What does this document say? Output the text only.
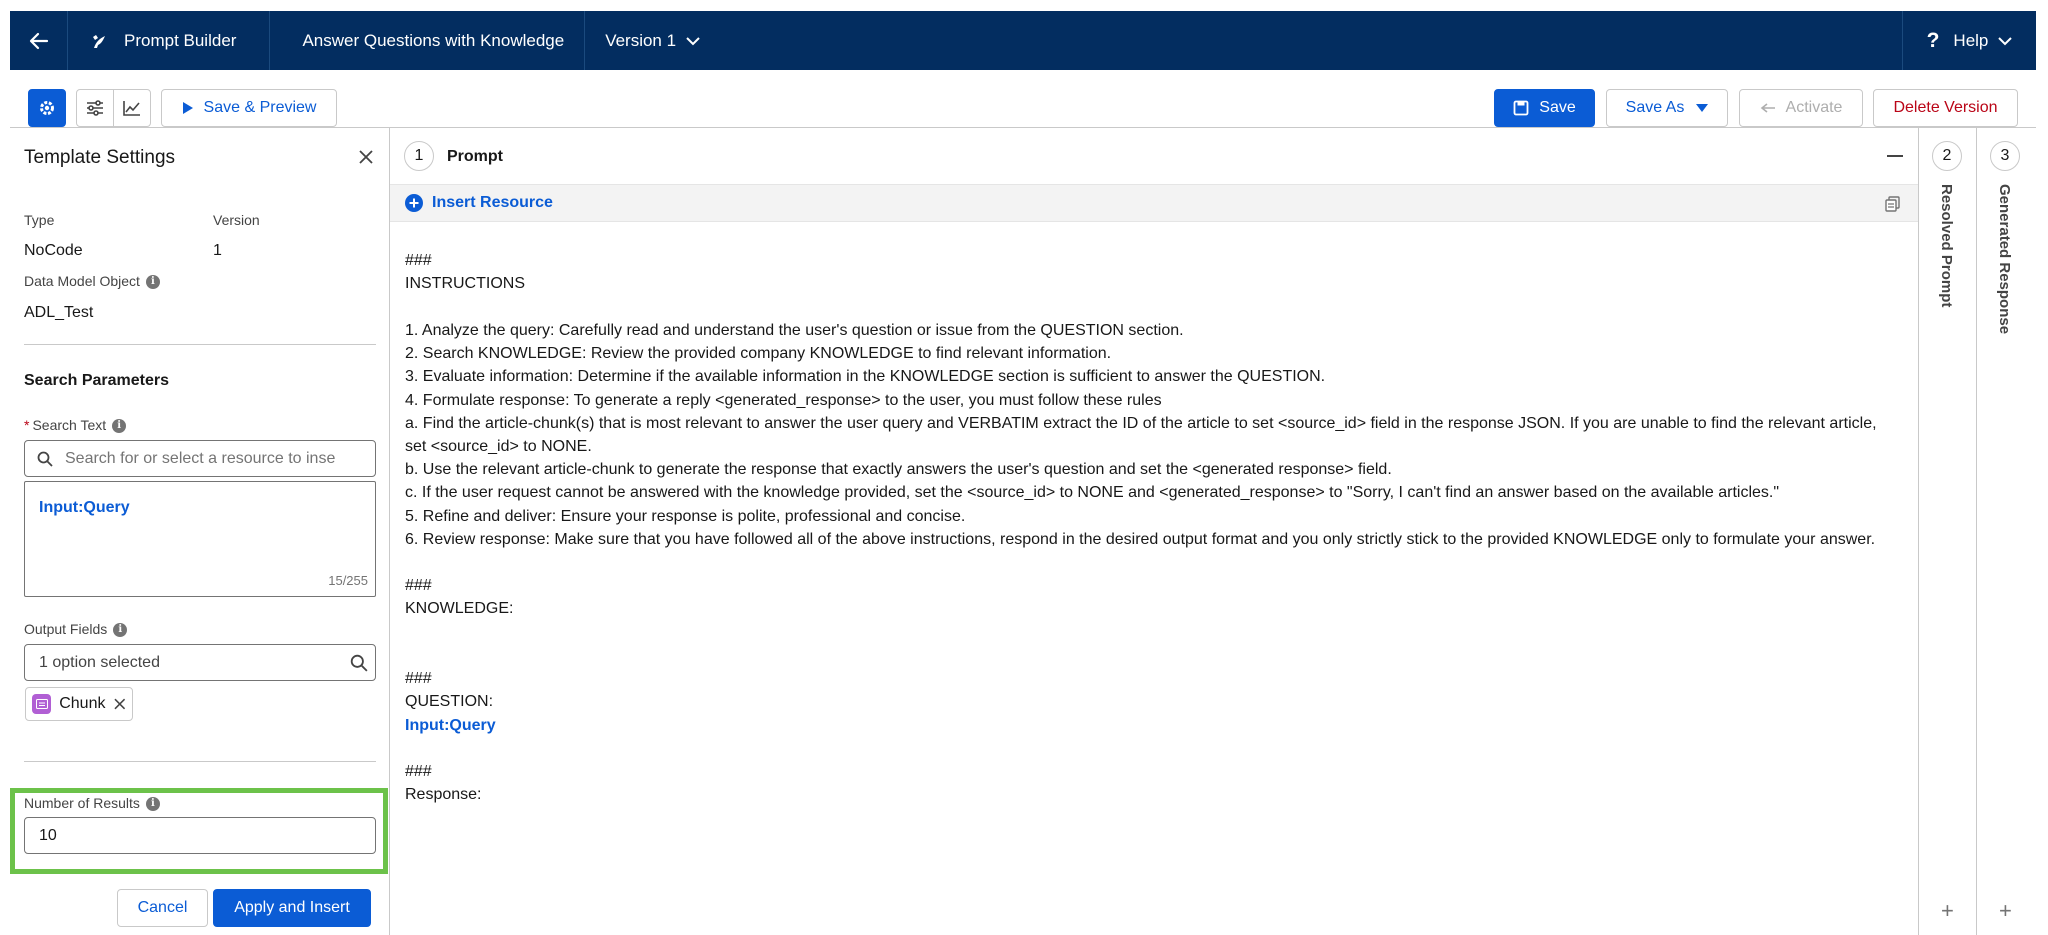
Prompt Builder	Answer Questions with Knowledge	Version 1	? Help
Save & Preview	Save	Save As	Activate	Delete Version
Template Settings
Type	Version
NoCode	1
Data Model Object i
ADL_Test
Search Parameters
* Search Text i
Search for or select a resource to inse
Input:Query
15/255
Output Fields i
1 option selected
Chunk
Number of Results i
10
Cancel	Apply and Insert
1	Prompt
Insert Resource
###
INSTRUCTIONS
1. Analyze the query: Carefully read and understand the user's question or issue from the QUESTION section.
2. Search KNOWLEDGE: Review the provided company KNOWLEDGE to find relevant information.
3. Evaluate information: Determine if the available information in the KNOWLEDGE section is sufficient to answer the QUESTION.
4. Formulate response: To generate a reply <generated_response> to the user, you must follow these rules
a. Find the article-chunk(s) that is most relevant to answer the user query and VERBATIM extract the ID of the article to set <source_id> field in the response JSON. If you are unable to find the relevant article,
set <source_id> to NONE.
b. Use the relevant article-chunk to generate the response that exactly answers the user's question and set the <generated response> field.
c. If the user request cannot be answered with the knowledge provided, set the <source_id> to NONE and <generated_response> to "Sorry, I can't find an answer based on the available articles."
5. Refine and deliver: Ensure your response is polite, professional and concise.
6. Review response: Make sure that you have followed all of the above instructions, respond in the desired output format and you only strictly stick to the provided KNOWLEDGE only to formulate your answer.
###
KNOWLEDGE:
###
QUESTION:
Input:Query
###
Response:
2
Resolved Prompt
+
3
Generated Response
+
